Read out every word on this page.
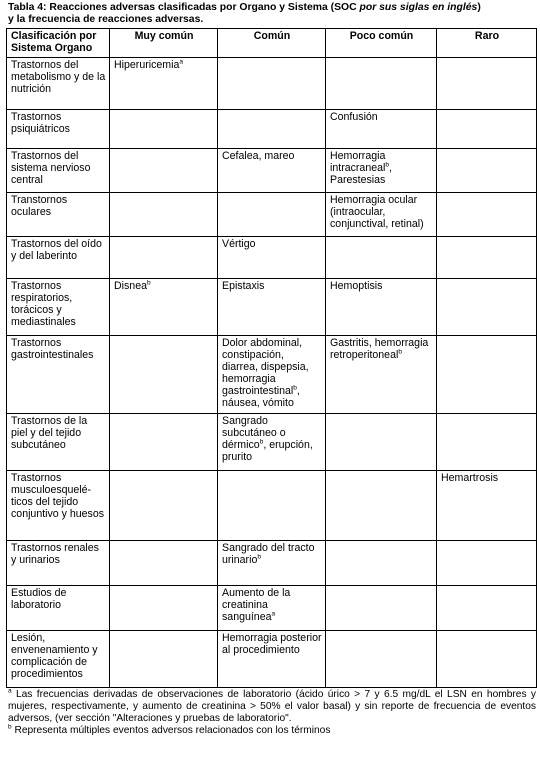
Tabla 4: Reacciones adversas clasificadas por Organo y Sistema (SOC por sus siglas en inglés)
y la frecuencia de reacciones adversas.
Clasificación por Sistema Organo	Muy común	Común	Poco común	Raro
Trastornos del metabolismo y de la nutrición	Hiperuricemia$^a$			
Trastornos psiquiátricos			Confusión	
Trastornos del sistema nervioso central		Cefalea, mareo	Hemorragia intracraneal$^b$, Parestesias	
Transtornos oculares			Hemorragia ocular (intraocular, conjunctival, retinal)	
Trastornos del oído y del laberinto		Vértigo		
Trastornos respiratorios, torácicos y mediastinales	Disnea$^b$	Epistaxis	Hemoptisis	
Trastornos gastrointestinales		Dolor abdominal, constipación, diarrea, dispepsia, hemorragia gastrointestinal$^b$, náusea, vómito	Gastritis, hemorragia retroperitoneal$^b$	
Trastornos de la piel y del tejido subcutáneo		Sangrado subcutáneo o dérmico$^b$, erupción, prurito		
Trastornos musculoesquelé- ticos del tejido conjuntivo y huesos				Hemartrosis
Trastornos renales y urinarios		Sangrado del tracto urinario$^b$		
Estudios de laboratorio		Aumento de la creatinina sanguínea$^a$		
Lesión, envenenamiento y complicación de procedimientos		Hemorragia posterior al procedimiento		

$^a$ Las frecuencias derivadas de observaciones de laboratorio (ácido úrico > 7 y 6.5 mg/dL el LSN en hombres y mujeres, respectivamente, y aumento de creatinina > 50% el valor basal) y sin reporte de frecuencia de eventos adversos, (ver sección "Alteraciones y pruebas de laboratorio".

$^b$ Representa múltiples eventos adversos relacionados con los términos
